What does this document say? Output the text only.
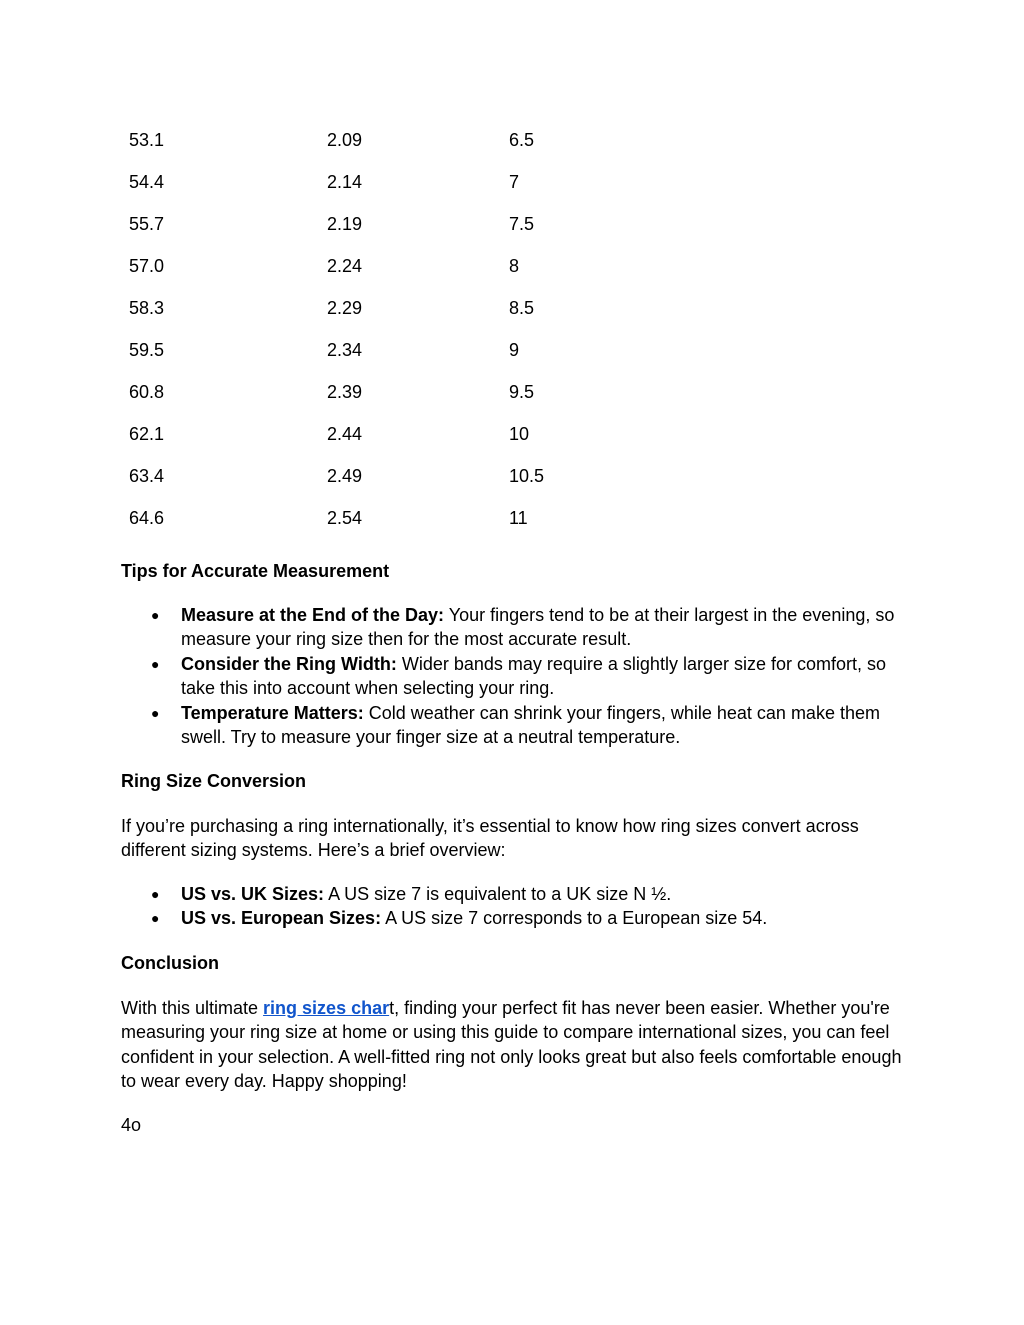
53.1	2.09	6.5
54.4	2.14	7
55.7	2.19	7.5
57.0	2.24	8
58.3	2.29	8.5
59.5	2.34	9
60.8	2.39	9.5
62.1	2.44	10
63.4	2.49	10.5
64.6	2.54	11
Tips for Accurate Measurement
● Measure at the End of the Day: Your fingers tend to be at their largest in the evening, so measure your ring size then for the most accurate result.
● Consider the Ring Width: Wider bands may require a slightly larger size for comfort, so take this into account when selecting your ring.
● Temperature Matters: Cold weather can shrink your fingers, while heat can make them swell. Try to measure your finger size at a neutral temperature.
Ring Size Conversion
If you’re purchasing a ring internationally, it’s essential to know how ring sizes convert across different sizing systems. Here’s a brief overview:
● US vs. UK Sizes: A US size 7 is equivalent to a UK size N ½.
● US vs. European Sizes: A US size 7 corresponds to a European size 54.
Conclusion
With this ultimate ring sizes chart, finding your perfect fit has never been easier. Whether you're measuring your ring size at home or using this guide to compare international sizes, you can feel confident in your selection. A well-fitted ring not only looks great but also feels comfortable enough to wear every day. Happy shopping!
4o
